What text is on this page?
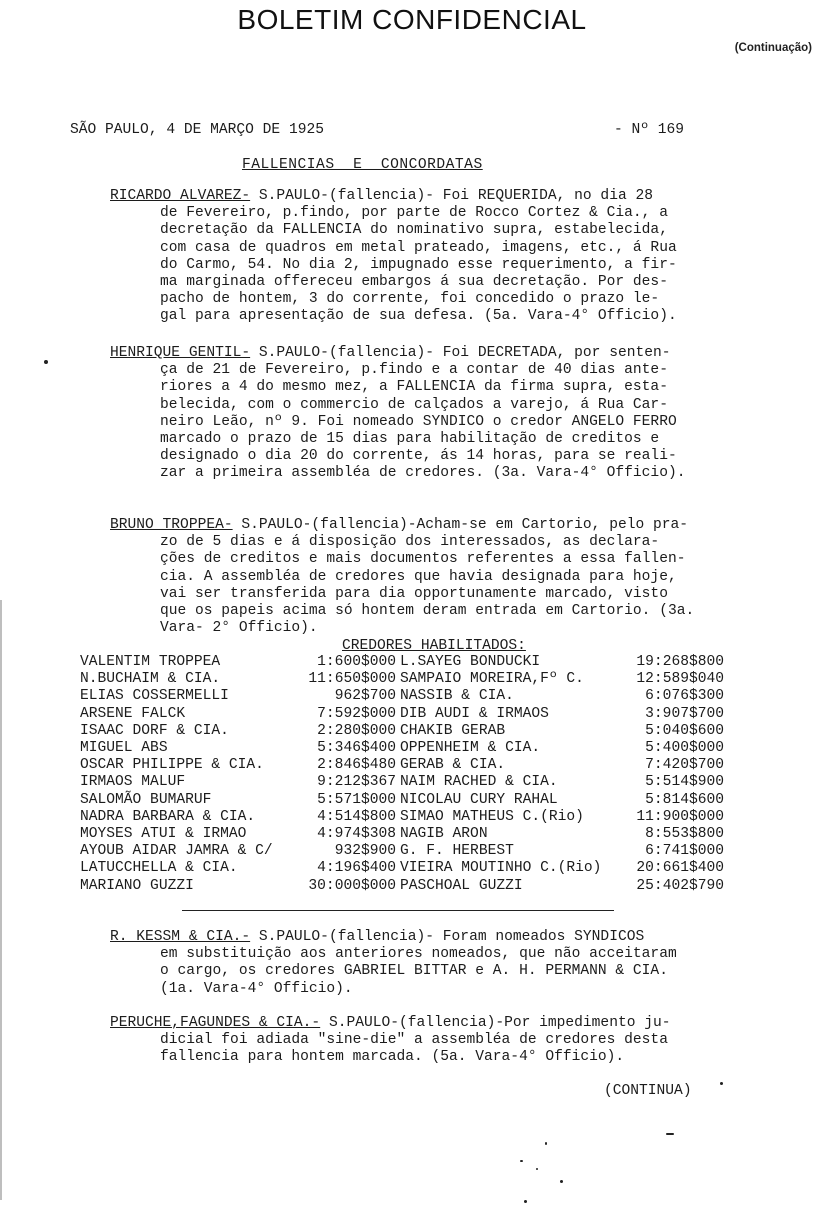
BOLETIM CONFIDENCIAL
(Continuação)
SÃO PAULO, 4 DE MARÇO DE 1925	- Nº 169
FALLENCIAS  E  CONCORDATAS
RICARDO ALVAREZ- S.PAULO-(fallencia)- Foi REQUERIDA, no dia 28
de Fevereiro, p.findo, por parte de Rocco Cortez & Cia., a
decretação da FALLENCIA do nominativo supra, estabelecida,
com casa de quadros em metal prateado, imagens, etc., á Rua
do Carmo, 54. No dia 2, impugnado esse requerimento, a fir-
ma marginada offereceu embargos á sua decretação. Por des-
pacho de hontem, 3 do corrente, foi concedido o prazo le-
gal para apresentação de sua defesa. (5a. Vara-4° Officio).
HENRIQUE GENTIL- S.PAULO-(fallencia)- Foi DECRETADA, por senten-
ça de 21 de Fevereiro, p.findo e a contar de 40 dias ante-
riores a 4 do mesmo mez, a FALLENCIA da firma supra, esta-
belecida, com o commercio de calçados a varejo, á Rua Car-
neiro Leão, nº 9. Foi nomeado SYNDICO o credor ANGELO FERRO
marcado o prazo de 15 dias para habilitação de creditos e
designado o dia 20 do corrente, ás 14 horas, para se reali-
zar a primeira assembléa de credores. (3a. Vara-4° Officio).
BRUNO TROPPEA- S.PAULO-(fallencia)-Acham-se em Cartorio, pelo pra-
zo de 5 dias e á disposição dos interessados, as declara-
ções de creditos e mais documentos referentes a essa fallen-
cia. A assembléa de credores que havia designada para hoje,
vai ser transferida para dia opportunamente marcado, visto
que os papeis acima só hontem deram entrada em Cartorio. (3a.
Vara- 2° Officio).
CREDORES HABILITADOS:
VALENTIM TROPPEA	1:600$000	L.SAYEG BONDUCKI	19:268$800
N.BUCHAIM & CIA.	11:650$000	SAMPAIO MOREIRA,Fº C.	12:589$040
ELIAS COSSERMELLI	962$700	NASSIB & CIA.	6:076$300
ARSENE FALCK	7:592$000	DIB AUDI & IRMAOS	3:907$700
ISAAC DORF & CIA.	2:280$000	CHAKIB GERAB	5:040$600
MIGUEL ABS	5:346$400	OPPENHEIM & CIA.	5:400$000
OSCAR PHILIPPE & CIA.	2:846$480	GERAB & CIA.	7:420$700
IRMAOS MALUF	9:212$367	NAIM RACHED & CIA.	5:514$900
SALOMÃO BUMARUF	5:571$000	NICOLAU CURY RAHAL	5:814$600
NADRA BARBARA & CIA.	4:514$800	SIMAO MATHEUS C.(Rio)	11:900$000
MOYSES ATUI & IRMAO	4:974$308	NAGIB ARON	8:553$800
AYOUB AIDAR JAMRA & C/	932$900	G. F. HERBEST	6:741$000
LATUCCHELLA & CIA.	4:196$400	VIEIRA MOUTINHO C.(Rio)	20:661$400
MARIANO GUZZI	30:000$000	PASCHOAL GUZZI	25:402$790
R. KESSM & CIA.- S.PAULO-(fallencia)- Foram nomeados SYNDICOS
em substituição aos anteriores nomeados, que não acceitaram
o cargo, os credores GABRIEL BITTAR e A. H. PERMANN & CIA.
(1a. Vara-4° Officio).
PERUCHE,FAGUNDES & CIA.- S.PAULO-(fallencia)-Por impedimento ju-
dicial foi adiada "sine-die" a assembléa de credores desta
fallencia para hontem marcada. (5a. Vara-4° Officio).
(CONTINUA)
